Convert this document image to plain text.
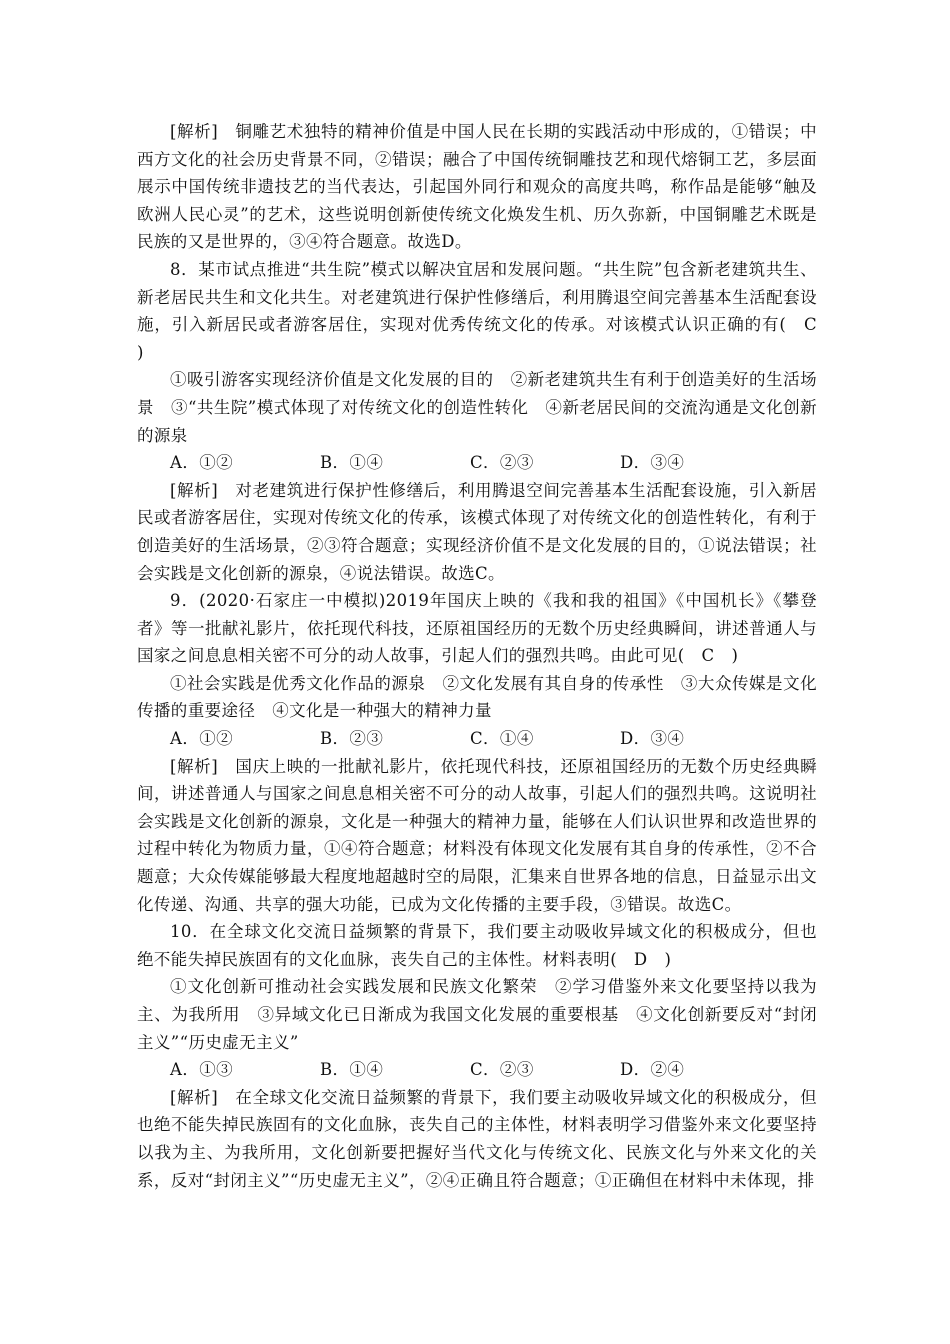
[解析]　铜雕艺术独特的精神价值是中国人民在长期的实践活动中形成的，①错误；中西方文化的社会历史背景不同，②错误；融合了中国传统铜雕技艺和现代熔铜工艺，多层面展示中国传统非遗技艺的当代表达，引起国外同行和观众的高度共鸣，称作品是能够“触及欧洲人民心灵”的艺术，这些说明创新使传统文化焕发生机、历久弥新，中国铜雕艺术既是民族的又是世界的，③④符合题意。故选D。

8．某市试点推进“共生院”模式以解决宜居和发展问题。“共生院”包含新老建筑共生、新老居民共生和文化共生。对老建筑进行保护性修缮后，利用腾退空间完善基本生活配套设施，引入新居民或者游客居住，实现对优秀传统文化的传承。对该模式认识正确的有(　C　)

①吸引游客实现经济价值是文化发展的目的　②新老建筑共生有利于创造美好的生活场景　③“共生院”模式体现了对传统文化的创造性转化　④新老居民间的交流沟通是文化创新的源泉

A．①②	B．①④	C．②③	D．③④

[解析]　对老建筑进行保护性修缮后，利用腾退空间完善基本生活配套设施，引入新居民或者游客居住，实现对传统文化的传承，该模式体现了对传统文化的创造性转化，有利于创造美好的生活场景，②③符合题意；实现经济价值不是文化发展的目的，①说法错误；社会实践是文化创新的源泉，④说法错误。故选C。

9．(2020·石家庄一中模拟)2019年国庆上映的《我和我的祖国》《中国机长》《攀登者》等一批献礼影片，依托现代科技，还原祖国经历的无数个历史经典瞬间，讲述普通人与国家之间息息相关密不可分的动人故事，引起人们的强烈共鸣。由此可见(　C　)

①社会实践是优秀文化作品的源泉　②文化发展有其自身的传承性　③大众传媒是文化传播的重要途径　④文化是一种强大的精神力量

A．①②	B．②③	C．①④	D．③④

[解析]　国庆上映的一批献礼影片，依托现代科技，还原祖国经历的无数个历史经典瞬间，讲述普通人与国家之间息息相关密不可分的动人故事，引起人们的强烈共鸣。这说明社会实践是文化创新的源泉，文化是一种强大的精神力量，能够在人们认识世界和改造世界的过程中转化为物质力量，①④符合题意；材料没有体现文化发展有其自身的传承性，②不合题意；大众传媒能够最大程度地超越时空的局限，汇集来自世界各地的信息，日益显示出文化传递、沟通、共享的强大功能，已成为文化传播的主要手段，③错误。故选C。

10．在全球文化交流日益频繁的背景下，我们要主动吸收异域文化的积极成分，但也绝不能失掉民族固有的文化血脉，丧失自己的主体性。材料表明(　D　)

①文化创新可推动社会实践发展和民族文化繁荣　②学习借鉴外来文化要坚持以我为主、为我所用　③异域文化已日渐成为我国文化发展的重要根基　④文化创新要反对“封闭主义”“历史虚无主义”

A．①③	B．①④	C．②③	D．②④

[解析]　在全球文化交流日益频繁的背景下，我们要主动吸收异域文化的积极成分，但也绝不能失掉民族固有的文化血脉，丧失自己的主体性，材料表明学习借鉴外来文化要坚持以我为主、为我所用，文化创新要把握好当代文化与传统文化、民族文化与外来文化的关系，反对“封闭主义”“历史虚无主义”，②④正确且符合题意；①正确但在材料中未体现，排
